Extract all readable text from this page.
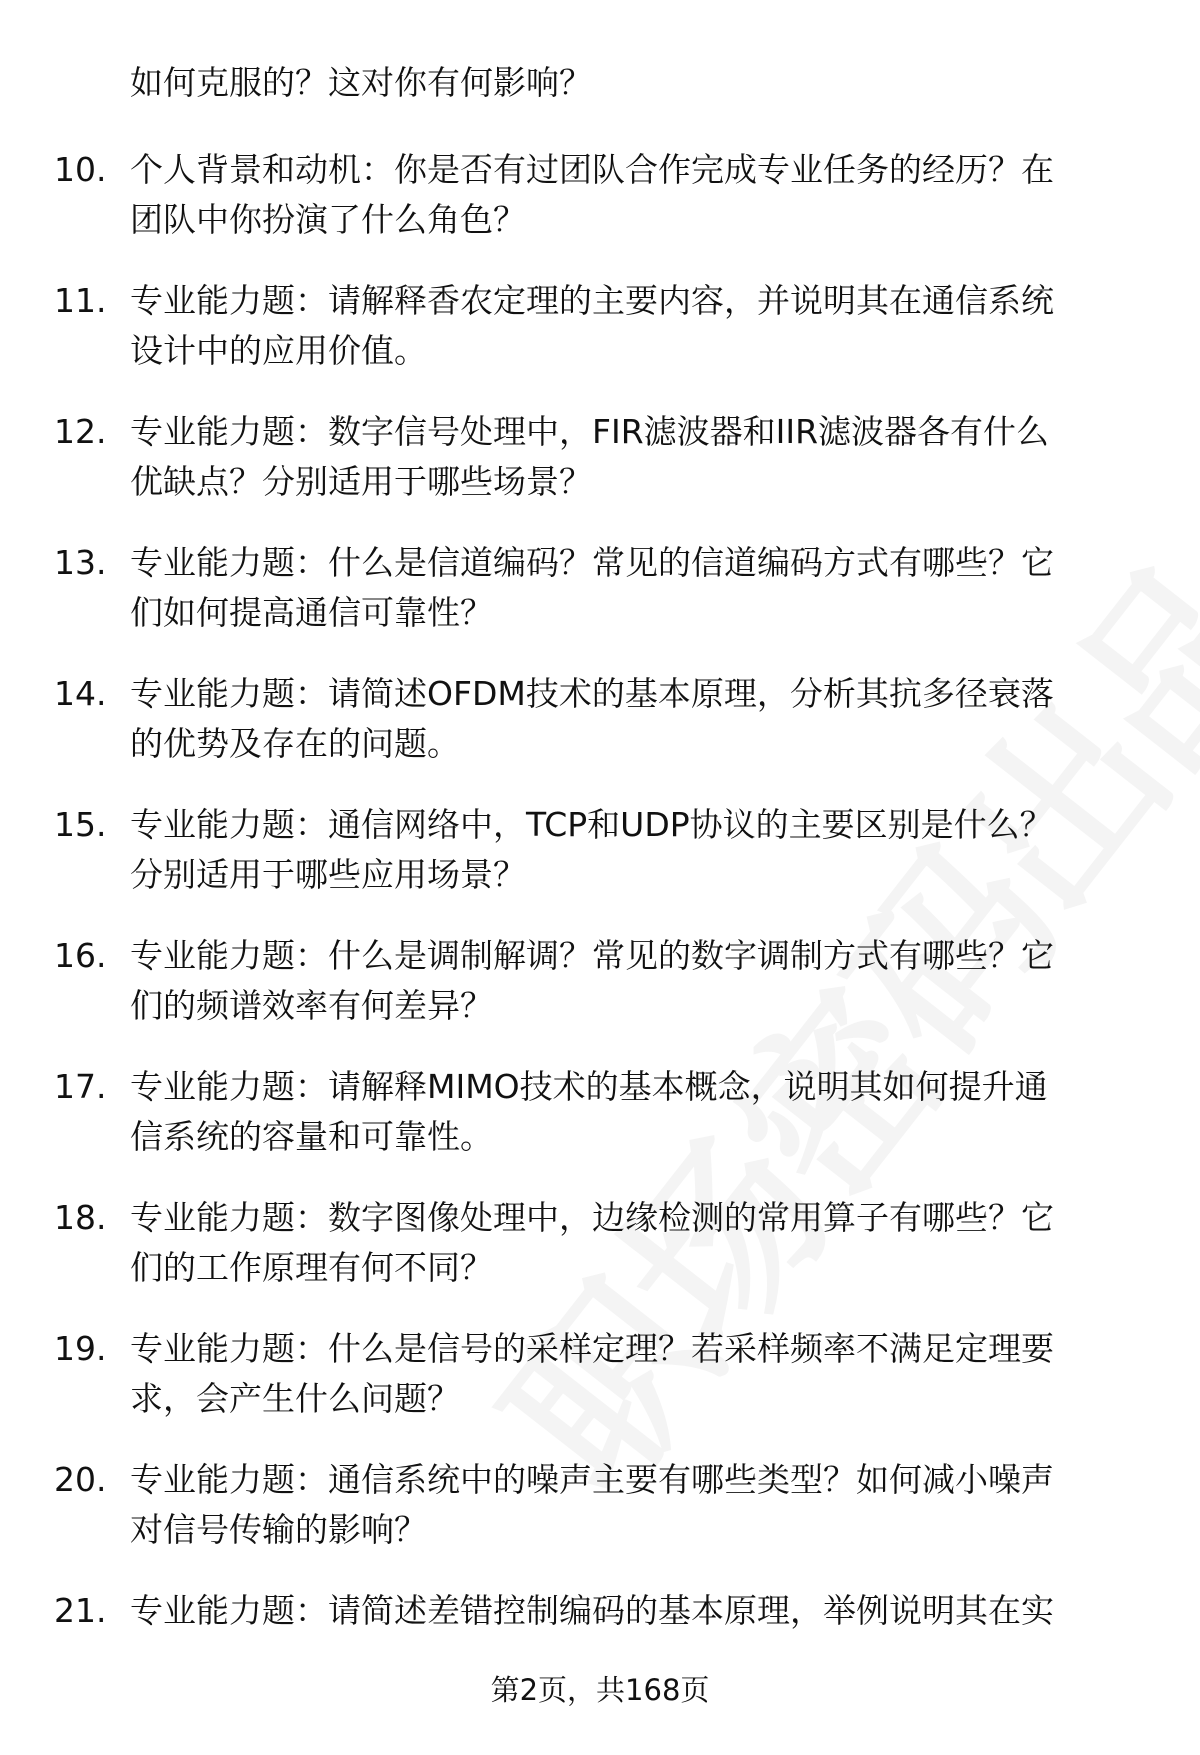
如何克服的？这对你有何影响？
10. 个人背景和动机：你是否有过团队合作完成专业任务的经历？在
团队中你扮演了什么角色？
11. 专业能力题：请解释香农定理的主要内容，并说明其在通信系统
设计中的应用价值。
12. 专业能力题：数字信号处理中，FIR滤波器和IIR滤波器各有什么
优缺点？分别适用于哪些场景？
13. 专业能力题：什么是信道编码？常见的信道编码方式有哪些？它
们如何提高通信可靠性？
14. 专业能力题：请简述OFDM技术的基本原理，分析其抗多径衰落
的优势及存在的问题。
15. 专业能力题：通信网络中，TCP和UDP协议的主要区别是什么？
分别适用于哪些应用场景？
16. 专业能力题：什么是调制解调？常见的数字调制方式有哪些？它
们的频谱效率有何差异？
17. 专业能力题：请解释MIMO技术的基本概念，说明其如何提升通
信系统的容量和可靠性。
18. 专业能力题：数字图像处理中，边缘检测的常用算子有哪些？它
们的工作原理有何不同？
19. 专业能力题：什么是信号的采样定理？若采样频率不满足定理要
求，会产生什么问题？
20. 专业能力题：通信系统中的噪声主要有哪些类型？如何减小噪声
对信号传输的影响？
21. 专业能力题：请简述差错控制编码的基本原理，举例说明其在实
第2页，共168页
